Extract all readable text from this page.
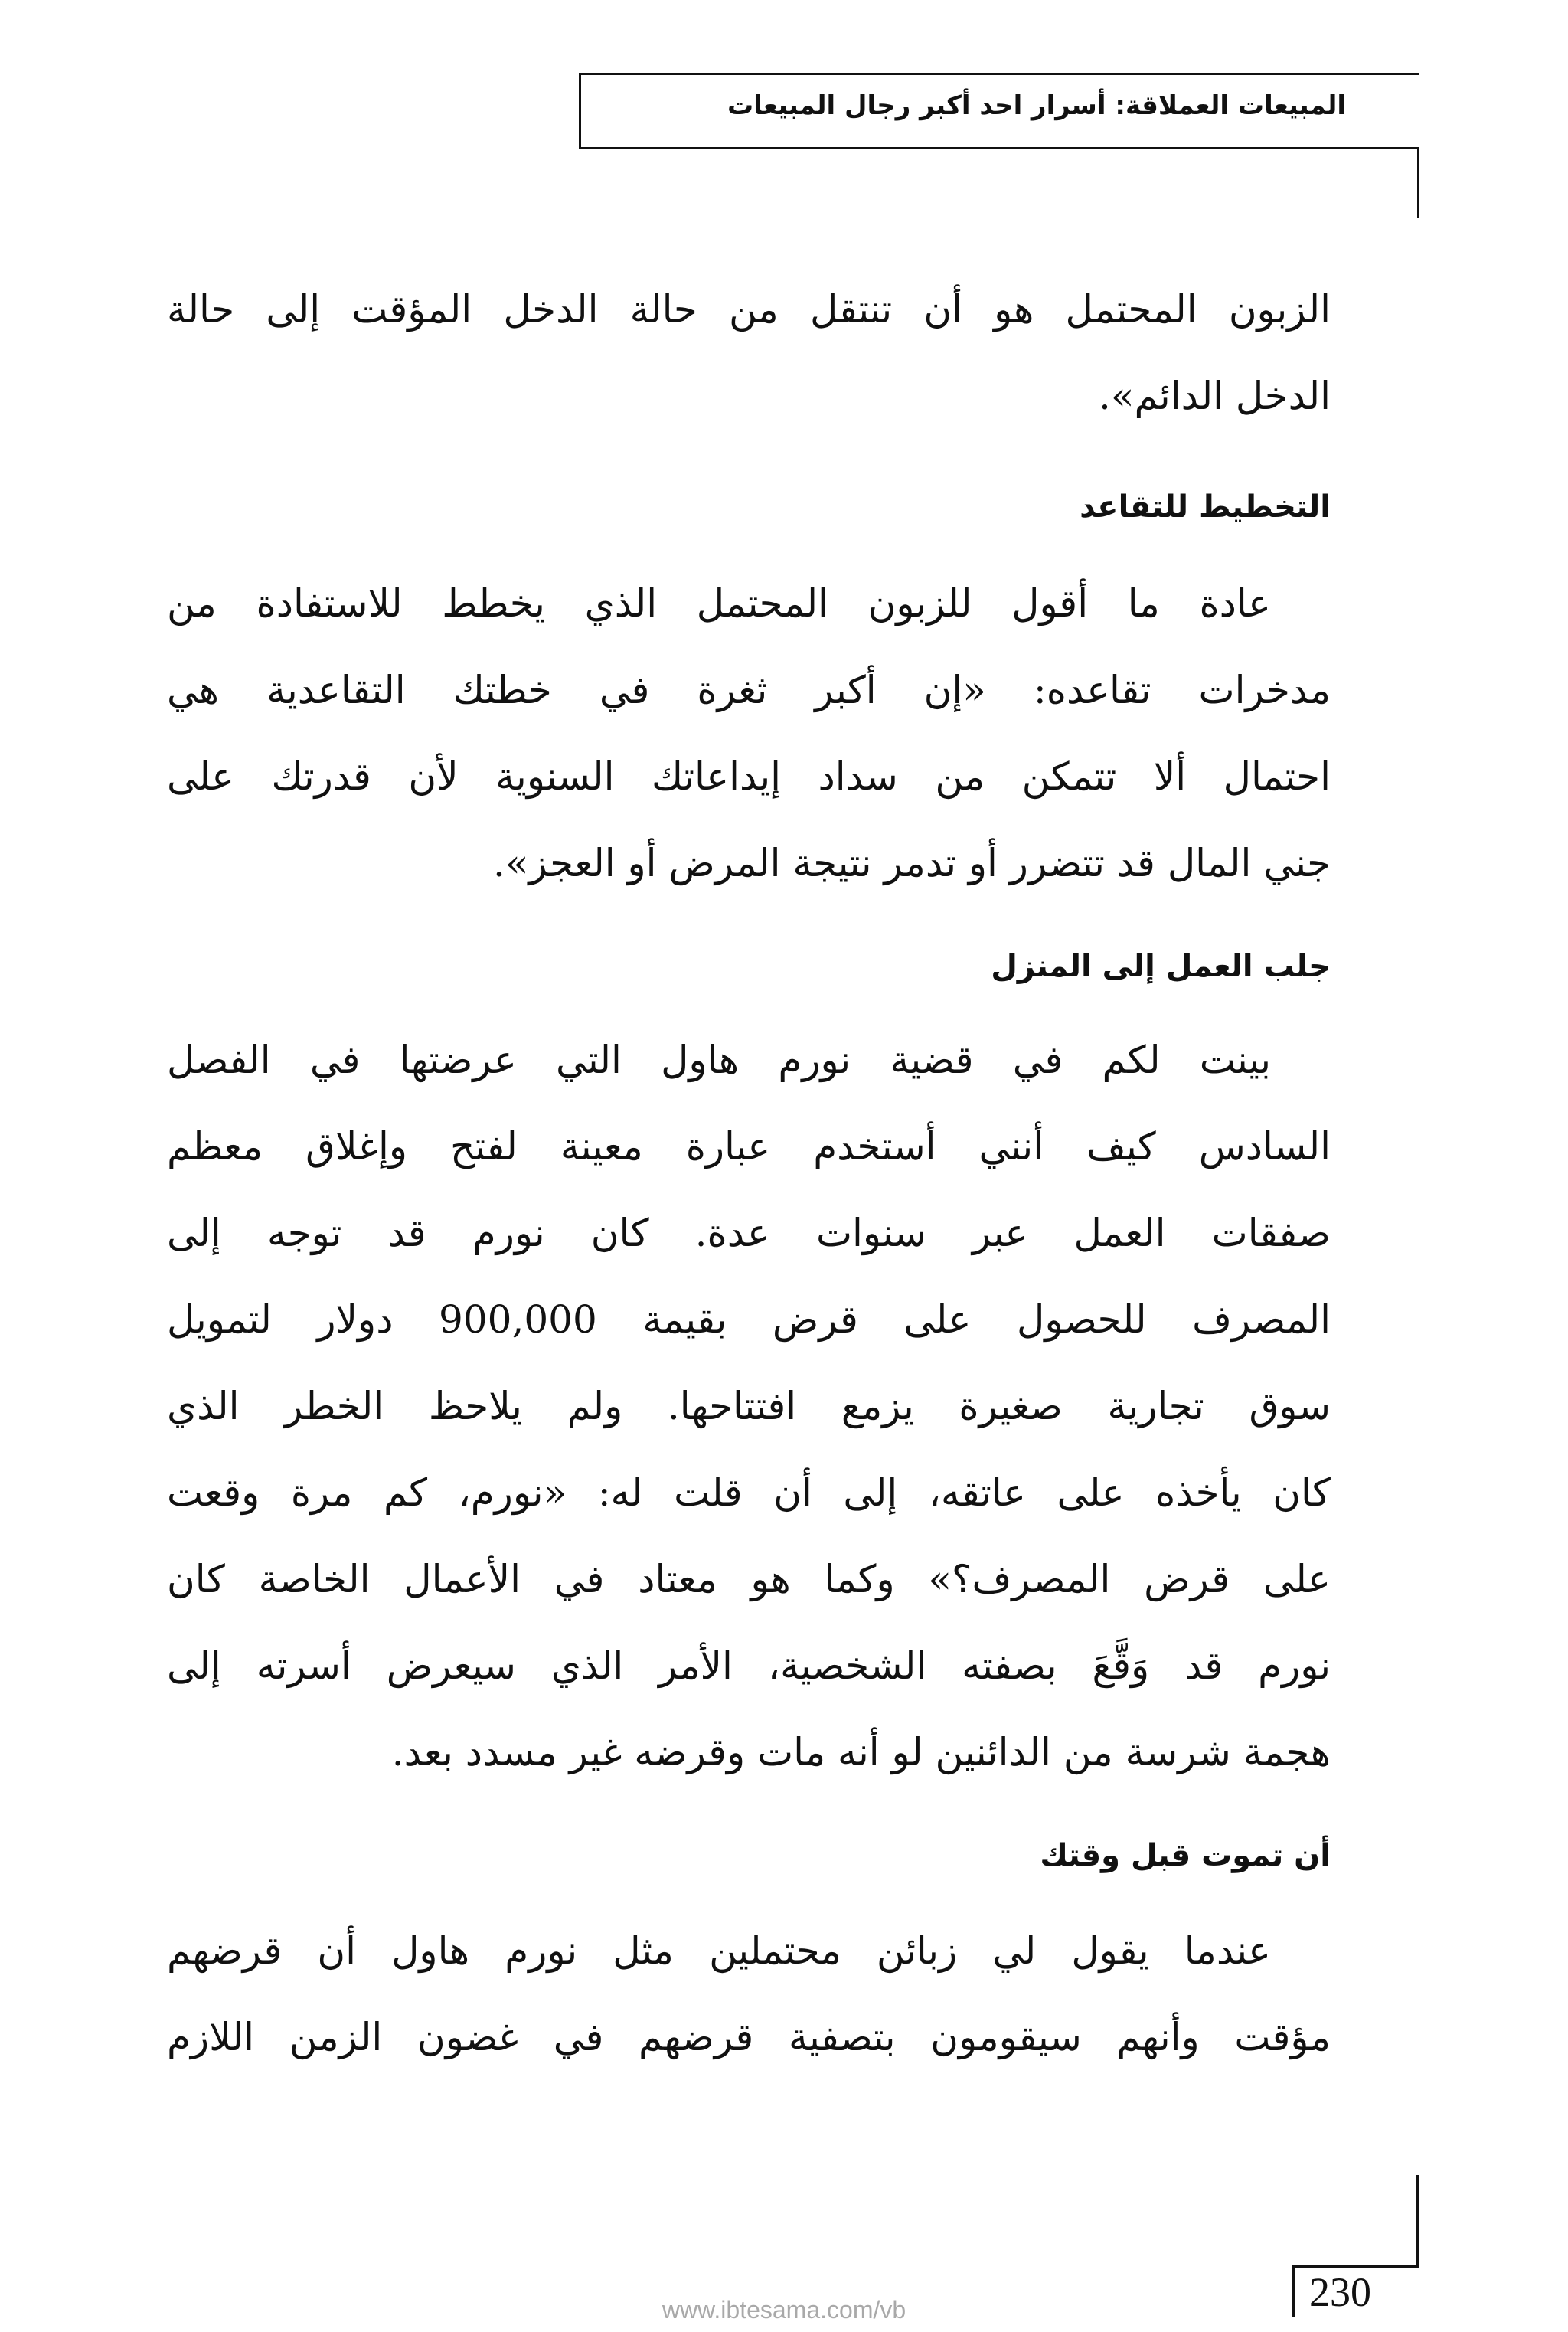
المبيعات العملاقة: أسرار احد أكبر رجال المبيعات

الزبون المحتمل هو أن تنتقل من حالة الدخل المؤقت إلى حالة
الدخل الدائم».

التخطيط للتقاعد

عادة ما أقول للزبون المحتمل الذي يخطط للاستفادة من
مدخرات تقاعده: «إن أكبر ثغرة في خطتك التقاعدية هي
احتمال ألا تتمكن من سداد إيداعاتك السنوية لأن قدرتك على
جني المال قد تتضرر أو تدمر نتيجة المرض أو العجز».

جلب العمل إلى المنزل

بينت لكم في قضية نورم هاول التي عرضتها في الفصل
السادس كيف أنني أستخدم عبارة معينة لفتح وإغلاق معظم
صفقات العمل عبر سنوات عدة. كان نورم قد توجه إلى
المصرف للحصول على قرض بقيمة 900,000 دولار لتمويل
سوق تجارية صغيرة يزمع افتتاحها. ولم يلاحظ الخطر الذي
كان يأخذه على عاتقه، إلى أن قلت له: «نورم، كم مرة وقعت
على قرض المصرف؟» وكما هو معتاد في الأعمال الخاصة كان
نورم قد وَقَّعَ بصفته الشخصية، الأمر الذي سيعرض أسرته إلى
هجمة شرسة من الدائنين لو أنه مات وقرضه غير مسدد بعد.

أن تموت قبل وقتك

عندما يقول لي زبائن محتملين مثل نورم هاول أن قرضهم
مؤقت وأنهم سيقومون بتصفية قرضهم في غضون الزمن اللازم

230
www.ibtesama.com/vb
